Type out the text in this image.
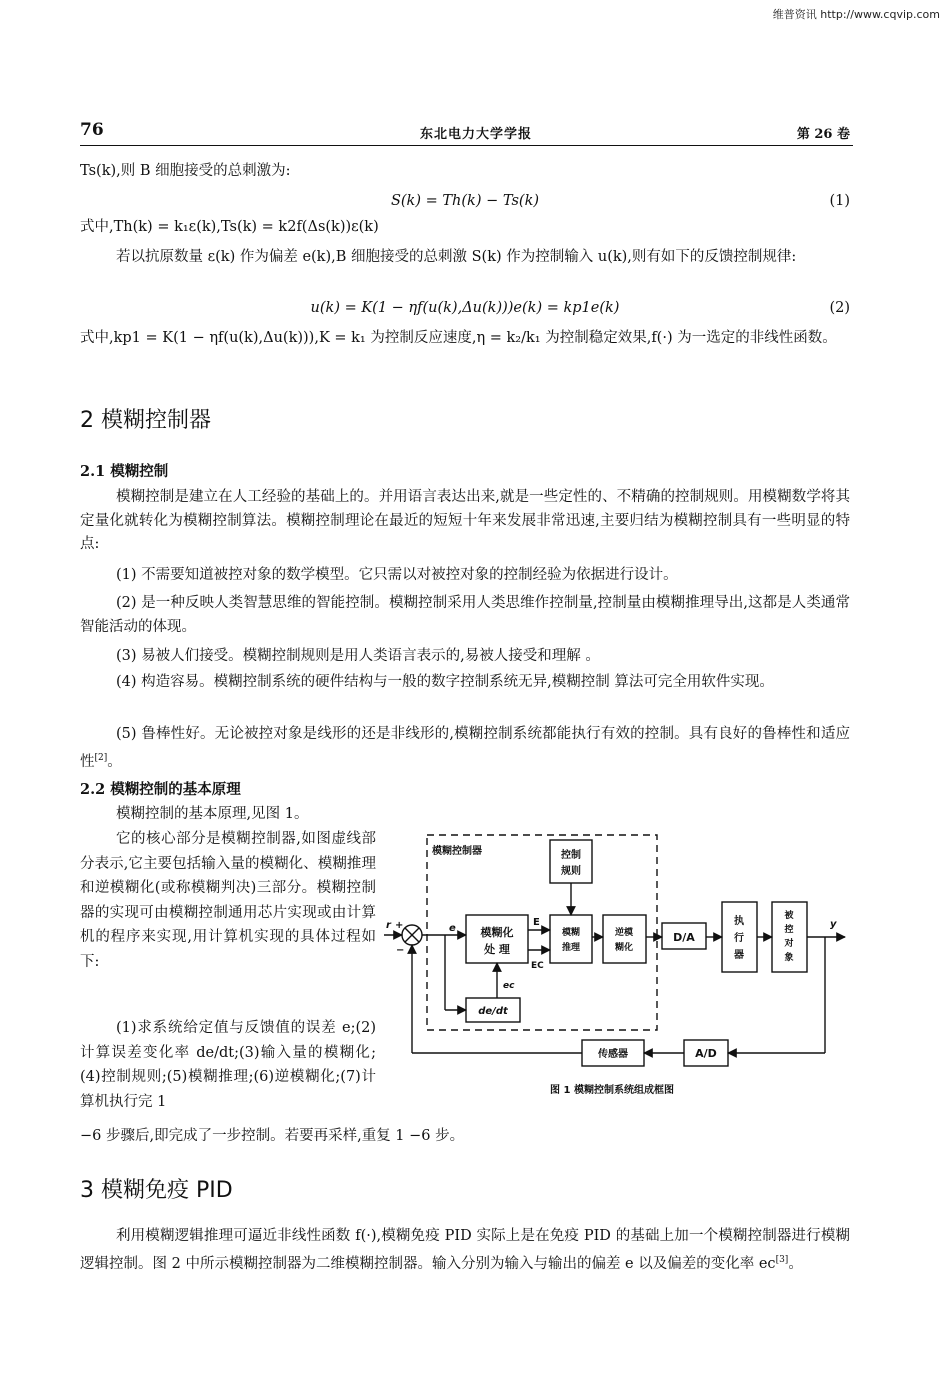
维普资讯 http://www.cqvip.com
76	东北电力大学学报	第 26 卷
Ts(k),则 B 细胞接受的总刺激为:
S(k) = Th(k) − Ts(k)	(1)
式中,Th(k) = k₁ε(k),Ts(k) = k2f(Δs(k))ε(k)
若以抗原数量 ε(k) 作为偏差 e(k),B 细胞接受的总刺激 S(k) 作为控制输入 u(k),则有如下的反馈控制规律:
u(k) = K(1 − ηf(u(k),Δu(k)))e(k) = kp1e(k)	(2)
式中,kp1 = K(1 − ηf(u(k),Δu(k))),K = k₁ 为控制反应速度,η = k₂/k₁ 为控制稳定效果,f(·) 为一选定的非线性函数。
2 模糊控制器
2.1 模糊控制
模糊控制是建立在人工经验的基础上的。并用语言表达出来,就是一些定性的、不精确的控制规则。用模糊数学将其定量化就转化为模糊控制算法。模糊控制理论在最近的短短十年来发展非常迅速,主要归结为模糊控制具有一些明显的特点:
(1) 不需要知道被控对象的数学模型。它只需以对被控对象的控制经验为依据进行设计。
(2) 是一种反映人类智慧思维的智能控制。模糊控制采用人类思维作控制量,控制量由模糊推理导出,这都是人类通常智能活动的体现。
(3) 易被人们接受。模糊控制规则是用人类语言表示的,易被人接受和理解 。
(4) 构造容易。模糊控制系统的硬件结构与一般的数字控制系统无异,模糊控制 算法可完全用软件实现。
(5) 鲁棒性好。无论被控对象是线形的还是非线形的,模糊控制系统都能执行有效的控制。具有良好的鲁棒性和适应性[2]。
2.2 模糊控制的基本原理
模糊控制的基本原理,见图 1。
它的核心部分是模糊控制器,如图虚线部分表示,它主要包括输入量的模糊化、模糊推理和逆模糊化(或称模糊判决)三部分。模糊控制器的实现可由模糊控制通用芯片实现或由计算机的程序来实现,用计算机实现的具体过程如下:
(1)求系统给定值与反馈值的误差 e;(2)计算误差变化率 de/dt;(3)输入量的模糊化;(4)控制规则;(5)模糊推理;(6)逆模糊化;(7)计算机执行完 1
−6 步骤后,即完成了一步控制。若要再采样,重复 1 −6 步。
3 模糊免疫 PID
利用模糊逻辑推理可逼近非线性函数 f(·),模糊免疫 PID 实际上是在免疫 PID 的基础上加一个模糊控制器进行模糊逻辑控制。图 2 中所示模糊控制器为二维模糊控制器。输入分别为输入与输出的偏差 e 以及偏差的变化率 ec[3]。
模糊控制器	控制
规则
模糊化
处 理
模糊
推理
逆模
糊化
D/A
执
行
器
被
控
对
象
de/dt
传感器	A/D
r +
−
e
ec
E
EC
y
图 1 模糊控制系统组成框图
